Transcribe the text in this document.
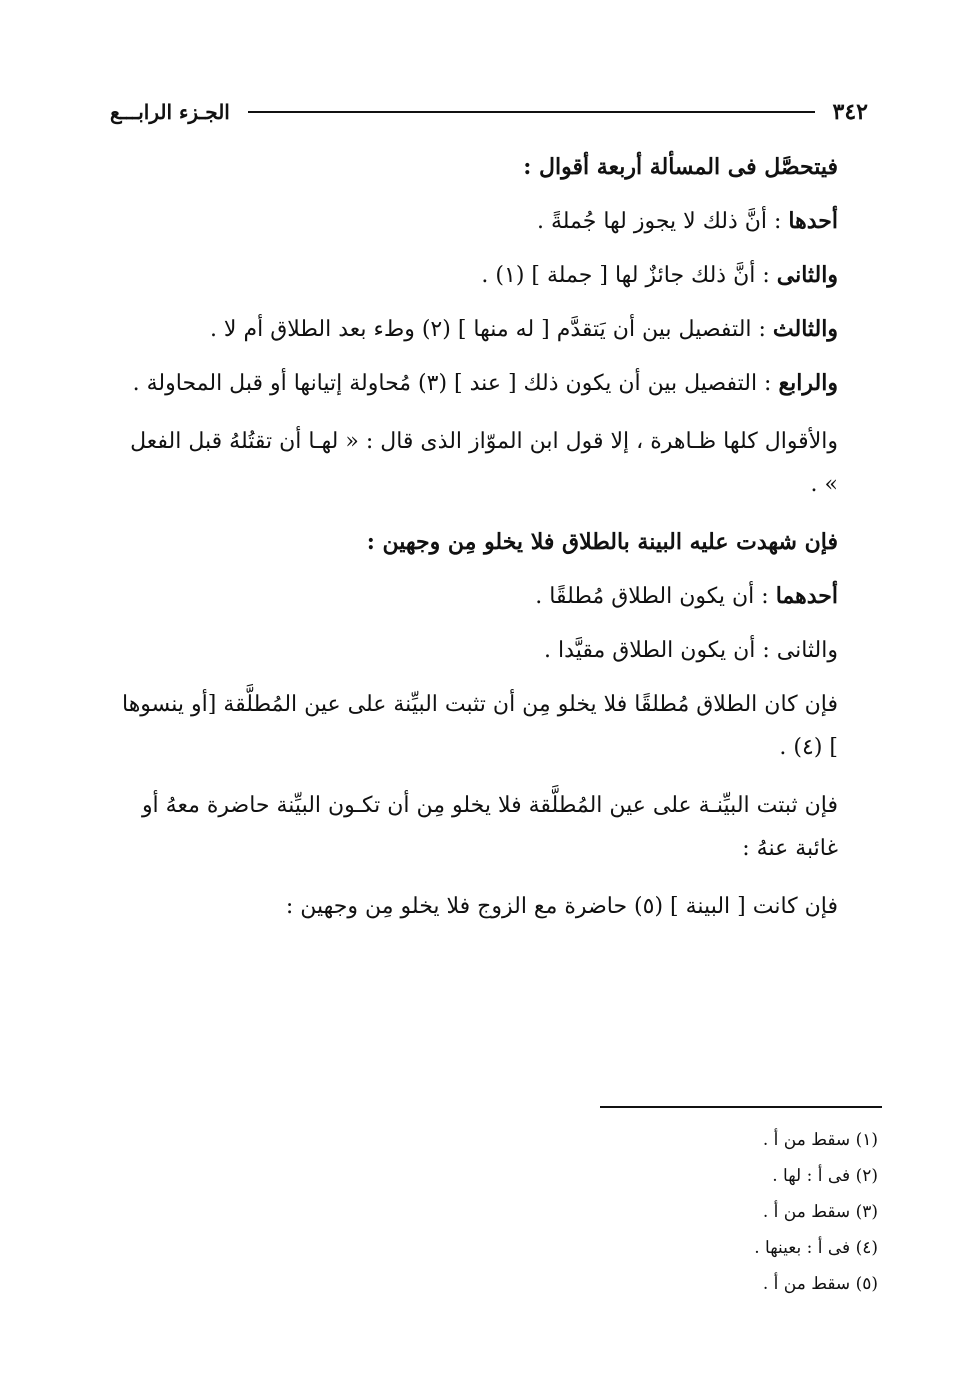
٣٤٢
الجـزء الرابـــع

فيتحصَّل فى المسألة أربعة أقوال :

أحدها : أنَّ ذلك لا يجوز لها جُملةً .

والثانى : أنَّ ذلك جائزٌ لها [ جملة ] (١) .

والثالث : التفصيل بين أن يَتقدَّم [ له منها ] (٢) وطء بعد الطلاق أم لا .

والرابع : التفصيل بين أن يكون ذلك [ عند ] (٣) مُحاولة إتيانها أو قبل المحاولة .

والأقوال كلها ظـاهرة ، إلا قول ابن الموّاز الذى قال : « لهـا أن تقتُلهُ قبل الفعل » .

فإن شهدت عليه البينة بالطلاق فلا يخلو مِن وجهين :

أحدهما : أن يكون الطلاق مُطلقًا .

والثانى : أن يكون الطلاق مقيَّدا .

فإن كان الطلاق مُطلقًا فلا يخلو مِن أن تثبت البيِّنة على عين المُطلَّقة [أو ينسوها ] (٤) .

فإن ثبتت البيِّنـة على عين المُطلَّقة فلا يخلو مِن أن تكـون البيِّنة حاضرة معهُ أو غائبة عنهُ :

فإن كانت [ البينة ] (٥) حاضرة مع الزوج فلا يخلو مِن وجهين :

(١) سقط من أ .

(٢) فى أ : لها .

(٣) سقط من أ .

(٤) فى أ : بعينها .

(٥) سقط من أ .
